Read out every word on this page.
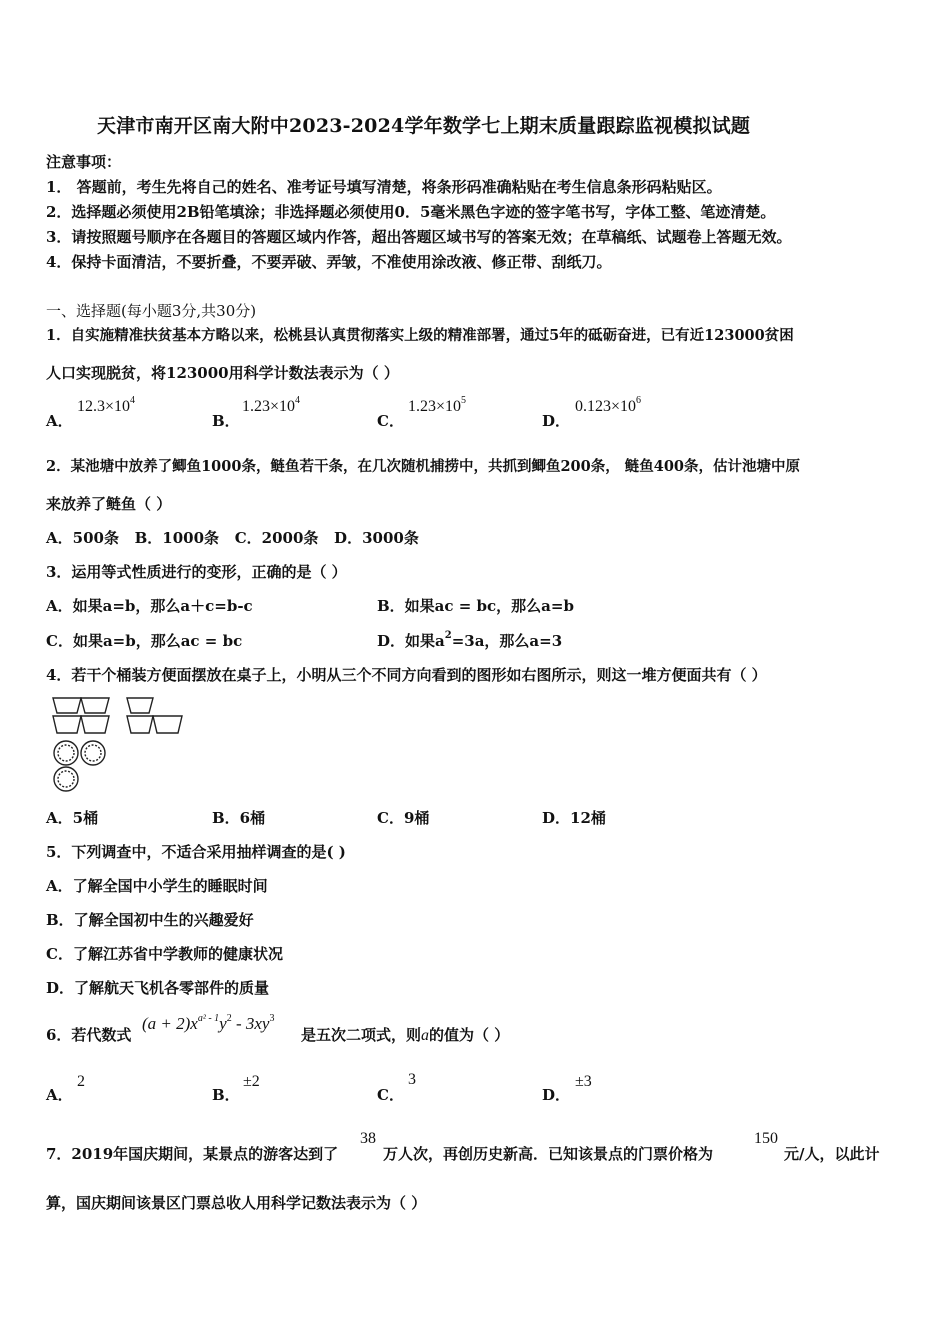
天津市南开区南大附中2023-2024学年数学七上期末质量跟踪监视模拟试题
注意事项：
1． 答题前，考生先将自己的姓名、准考证号填写清楚，将条形码准确粘贴在考生信息条形码粘贴区。
2．选择题必须使用2B铅笔填涂；非选择题必须使用0．5毫米黑色字迹的签字笔书写，字体工整、笔迹清楚。
3．请按照题号顺序在各题目的答题区域内作答，超出答题区域书写的答案无效；在草稿纸、试题卷上答题无效。
4．保持卡面清洁，不要折叠，不要弄破、弄皱，不准使用涂改液、修正带、刮纸刀。
一、选择题(每小题3分,共30分)
1．自实施精准扶贫基本方略以来，松桃县认真贯彻落实上级的精准部署，通过5年的砥砺奋进，已有近123000贫困
人口实现脱贫，将123000用科学计数法表示为（ ）
A．
$12.3\times 10^4$
B．
$1.23\times 10^4$
C．
$1.23\times 10^5$
D．
$0.123\times 10^6$
2．某池塘中放养了鲫鱼1000条，鲢鱼若干条，在几次随机捕捞中，共抓到鲫鱼200条， 鲢鱼400条，估计池塘中原
来放养了鲢鱼（ ）
A．500条   B．1000条   C．2000条   D．3000条
3．运用等式性质进行的变形，正确的是（ ）
A．如果a=b，那么a＋c=b-c	B．如果ac = bc，那么a=b
C．如果a=b，那么ac = bc	D．如果$a^2=3a$，那么a=3
4．若干个桶装方便面摆放在桌子上，小明从三个不同方向看到的图形如右图所示，则这一堆方便面共有（ ）
A．5桶	B．6桶	C．9桶	D．12桶
5．下列调查中，不适合采用抽样调查的是( )
A．了解全国中小学生的睡眠时间
B．了解全国初中生的兴趣爱好
C．了解江苏省中学教师的健康状况
D．了解航天飞机各零部件的质量
6．若代数式
$(a + 2)x^{a^2 - 1}y^2 - 3xy^3$
是五次二项式，则a的值为（ ）
A．
2
B．
±2
C．
3
D．
±3
7．2019年国庆期间，某景点的游客达到了
38
万人次，再创历史新高．已知该景点的门票价格为
150
元/人，以此计
算，国庆期间该景区门票总收人用科学记数法表示为（ ）
